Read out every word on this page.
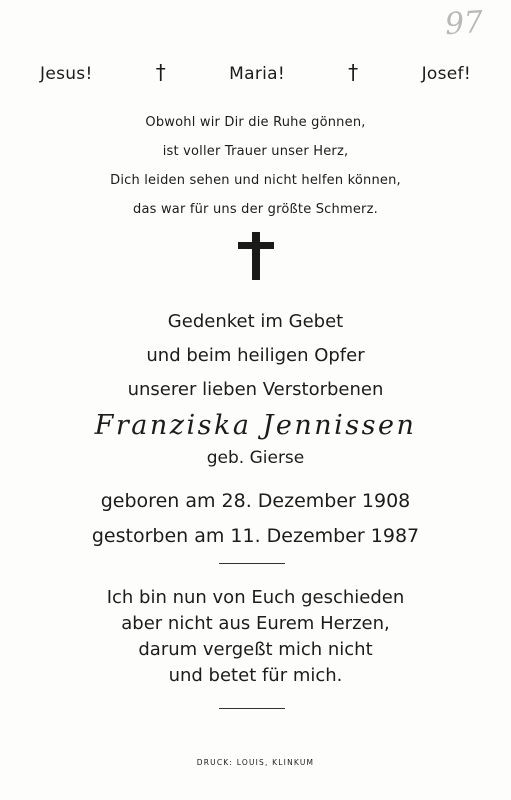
97
Jesus!	†	Maria!	†	Josef!
Obwohl wir Dir die Ruhe gönnen,
ist voller Trauer unser Herz,
Dich leiden sehen und nicht helfen können,
das war für uns der größte Schmerz.
Gedenket im Gebet
und beim heiligen Opfer
unserer lieben Verstorbenen
Franziska Jennissen
geb. Gierse
geboren am 28. Dezember 1908
gestorben am 11. Dezember 1987
Ich bin nun von Euch geschieden
aber nicht aus Eurem Herzen,
darum vergeßt mich nicht
und betet für mich.
DRUCK: LOUIS, KLINKUM
